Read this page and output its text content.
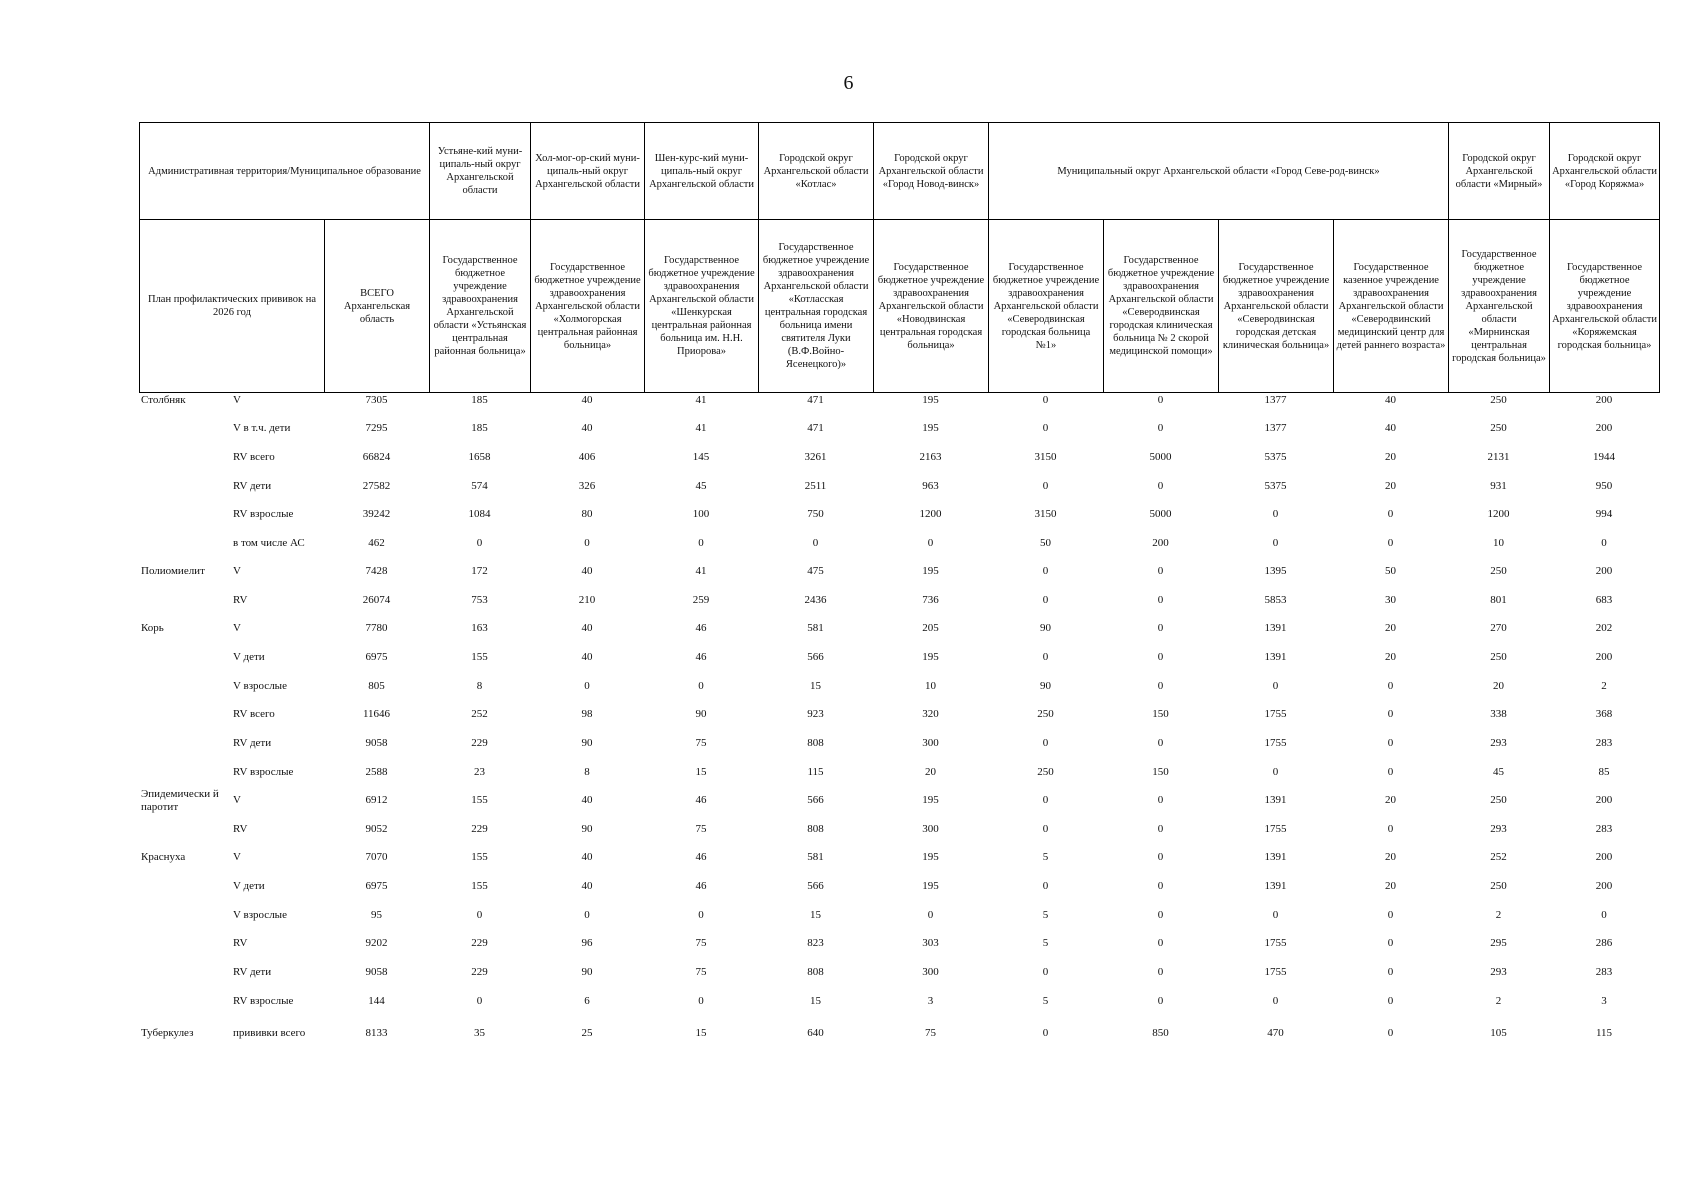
6
Административная территория/Муниципальное образование		Устьяне-кий муни-ципаль-ный округ Архангельской области	Хол-мог-ор-ский муни-ципаль-ный округ Архангельской области	Шен-курс-кий муни-ципаль-ный округ Архангельской области	Городской округ Архангельской области «Котлас»	Городской округ Архангельской области «Город Новод-винск»	Муниципальный округ Архангельской области «Город Севе-род-винск»				Городской округ Архангельской области «Мирный»	Городской округ Архангельской области «Город Коряжма»
План профилактических прививок на 2026 год	ВСЕГО Архангельская область	Государственное бюджетное учреждение здравоохранения Архангельской области «Устьянская центральная районная больница»	Государственное бюджетное учреждение здравоохранения Архангельской области «Холмогорская центральная районная больница»	Государственное бюджетное учреждение здравоохранения Архангельской области «Шенкурская центральная районная больница им. Н.Н. Приорова»	Государственное бюджетное учреждение здравоохранения Архангельской области «Котласская центральная городская больница имени святителя Луки (В.Ф.Войно-Ясенецкого)»	Государственное бюджетное учреждение здравоохранения Архангельской области «Новодвинская центральная городская больница»	Государственное бюджетное учреждение здравоохранения Архангельской области «Северодвинская городская больница №1»	Государственное бюджетное учреждение здравоохранения Архангельской области «Северодвинская городская клиническая больница № 2 скорой медицинской помощи»	Государственное бюджетное учреждение здравоохранения Архангельской области «Северодвинская городская детская клиническая больница»	Государственное казенное учреждение здравоохранения Архангельской области «Северодвинский медицинский центр для детей раннего возраста»	Государственное бюджетное учреждение здравоохранения Архангельской области «Мирнинская центральная городская больница»	Государственное бюджетное учреждение здравоохранения Архангельской области «Коряжемская городская больница»
Столбняк	V	7305	185	40	41	471	195	0	0	1377	40	250	200
	V в т.ч. дети	7295	185	40	41	471	195	0	0	1377	40	250	200
	RV всего	66824	1658	406	145	3261	2163	3150	5000	5375	20	2131	1944
	RV дети	27582	574	326	45	2511	963	0	0	5375	20	931	950
	RV взрослые	39242	1084	80	100	750	1200	3150	5000	0	0	1200	994
	в том числе АС	462	0	0	0	0	0	50	200	0	0	10	0
Полиомиелит	V	7428	172	40	41	475	195	0	0	1395	50	250	200
	RV	26074	753	210	259	2436	736	0	0	5853	30	801	683
Корь	V	7780	163	40	46	581	205	90	0	1391	20	270	202
	V дети	6975	155	40	46	566	195	0	0	1391	20	250	200
	V взрослые	805	8	0	0	15	10	90	0	0	0	20	2
	RV всего	11646	252	98	90	923	320	250	150	1755	0	338	368
	RV дети	9058	229	90	75	808	300	0	0	1755	0	293	283
	RV взрослые	2588	23	8	15	115	20	250	150	0	0	45	85
Эпидемически й паротит	V	6912	155	40	46	566	195	0	0	1391	20	250	200
	RV	9052	229	90	75	808	300	0	0	1755	0	293	283
Краснуха	V	7070	155	40	46	581	195	5	0	1391	20	252	200
	V дети	6975	155	40	46	566	195	0	0	1391	20	250	200
	V взрослые	95	0	0	0	15	0	5	0	0	0	2	0
	RV	9202	229	96	75	823	303	5	0	1755	0	295	286
	RV дети	9058	229	90	75	808	300	0	0	1755	0	293	283
	RV взрослые	144	0	6	0	15	3	5	0	0	0	2	3
Туберкулез	прививки всего	8133	35	25	15	640	75	0	850	470	0	105	115
